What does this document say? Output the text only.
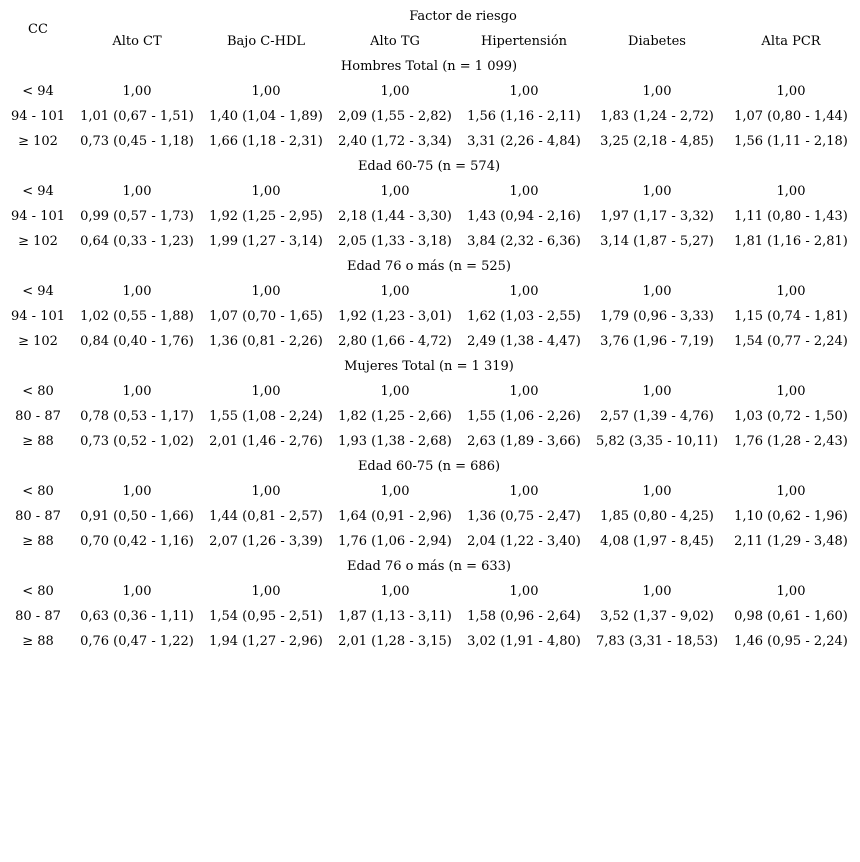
CC
Factor de riesgo
Alto CT	Bajo C-HDL	Alto TG	Hipertensión	Diabetes	Alta PCR
Hombres Total (n = 1 099)
< 94	1,00	1,00	1,00	1,00	1,00	1,00
94 - 101 1,01 (0,67 - 1,51) 1,40 (1,04 - 1,89) 2,09 (1,55 - 2,82) 1,56 (1,16 - 2,11) 1,83 (1,24 - 2,72) 1,07 (0,80 - 1,44)
≥ 102 0,73 (0,45 - 1,18) 1,66 (1,18 - 2,31) 2,40 (1,72 - 3,34) 3,31 (2,26 - 4,84) 3,25 (2,18 - 4,85) 1,56 (1,11 - 2,18)
Edad 60-75 (n = 574)
< 94	1,00	1,00	1,00	1,00	1,00	1,00
94 - 101 0,99 (0,57 - 1,73) 1,92 (1,25 - 2,95) 2,18 (1,44 - 3,30) 1,43 (0,94 - 2,16) 1,97 (1,17 - 3,32) 1,11 (0,80 - 1,43)
≥ 102 0,64 (0,33 - 1,23) 1,99 (1,27 - 3,14) 2,05 (1,33 - 3,18) 3,84 (2,32 - 6,36) 3,14 (1,87 - 5,27) 1,81 (1,16 - 2,81)
Edad 76 o más (n = 525)
< 94	1,00	1,00	1,00	1,00	1,00	1,00
94 - 101 1,02 (0,55 - 1,88) 1,07 (0,70 - 1,65) 1,92 (1,23 - 3,01) 1,62 (1,03 - 2,55) 1,79 (0,96 - 3,33) 1,15 (0,74 - 1,81)
≥ 102 0,84 (0,40 - 1,76) 1,36 (0,81 - 2,26) 2,80 (1,66 - 4,72) 2,49 (1,38 - 4,47) 3,76 (1,96 - 7,19) 1,54 (0,77 - 2,24)
Mujeres Total (n = 1 319)
< 80	1,00	1,00	1,00	1,00	1,00	1,00
80 - 87 0,78 (0,53 - 1,17) 1,55 (1,08 - 2,24) 1,82 (1,25 - 2,66) 1,55 (1,06 - 2,26) 2,57 (1,39 - 4,76) 1,03 (0,72 - 1,50)
≥ 88 0,73 (0,52 - 1,02) 2,01 (1,46 - 2,76) 1,93 (1,38 - 2,68) 2,63 (1,89 - 3,66) 5,82 (3,35 - 10,11) 1,76 (1,28 - 2,43)
Edad 60-75 (n = 686)
< 80	1,00	1,00	1,00	1,00	1,00	1,00
80 - 87 0,91 (0,50 - 1,66) 1,44 (0,81 - 2,57) 1,64 (0,91 - 2,96) 1,36 (0,75 - 2,47) 1,85 (0,80 - 4,25) 1,10 (0,62 - 1,96)
≥ 88 0,70 (0,42 - 1,16) 2,07 (1,26 - 3,39) 1,76 (1,06 - 2,94) 2,04 (1,22 - 3,40) 4,08 (1,97 - 8,45) 2,11 (1,29 - 3,48)
Edad 76 o más (n = 633)
< 80	1,00	1,00	1,00	1,00	1,00	1,00
80 - 87 0,63 (0,36 - 1,11) 1,54 (0,95 - 2,51) 1,87 (1,13 - 3,11) 1,58 (0,96 - 2,64) 3,52 (1,37 - 9,02) 0,98 (0,61 - 1,60)
≥ 88 0,76 (0,47 - 1,22) 1,94 (1,27 - 2,96) 2,01 (1,28 - 3,15) 3,02 (1,91 - 4,80) 7,83 (3,31 - 18,53) 1,46 (0,95 - 2,24)
